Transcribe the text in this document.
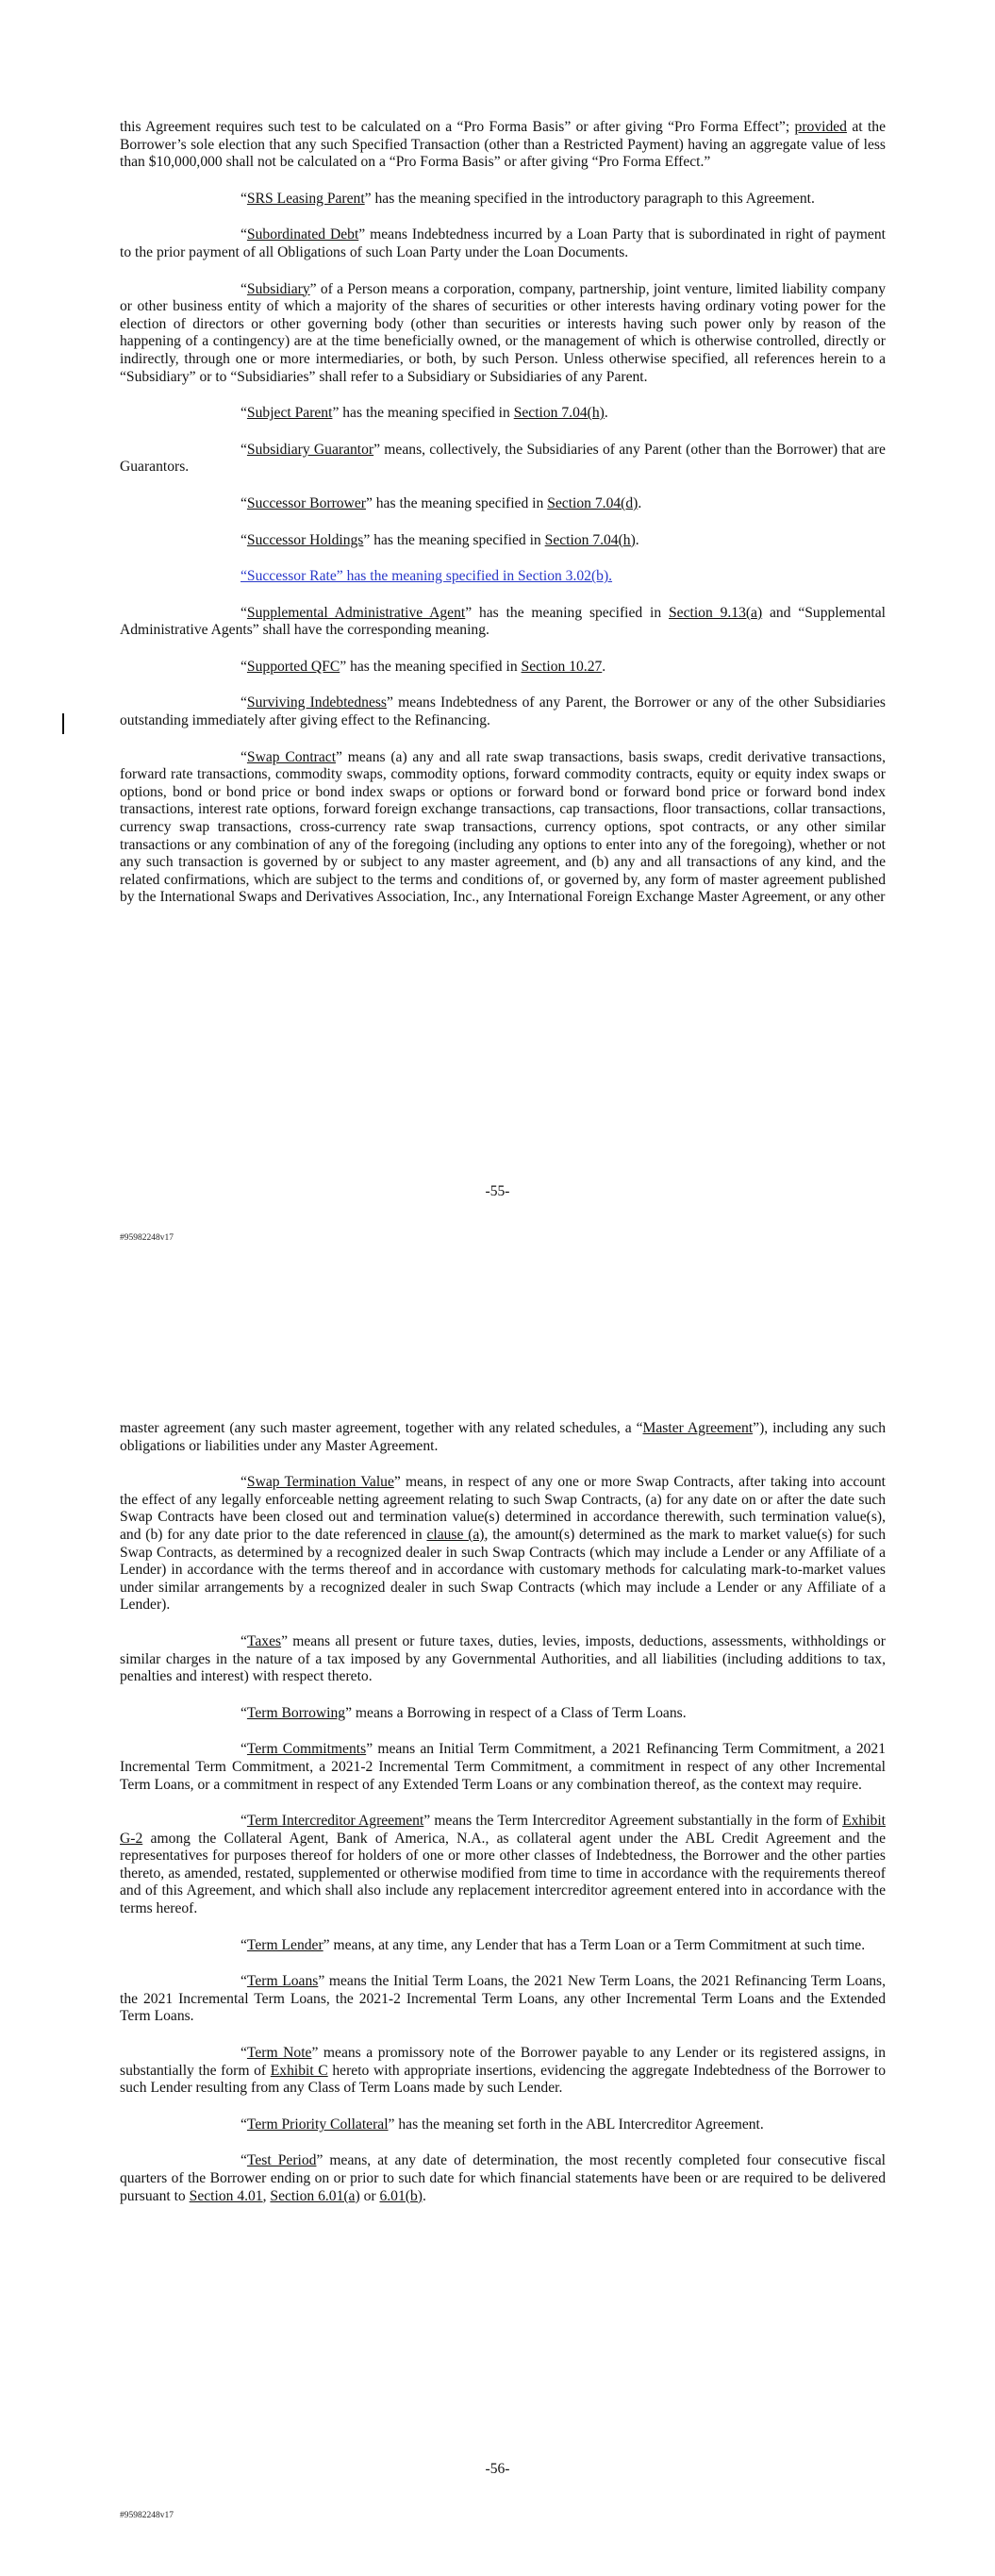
this Agreement requires such test to be calculated on a “Pro Forma Basis” or after giving “Pro Forma Effect”; provided at the Borrower’s sole election that any such Specified Transaction (other than a Restricted Payment) having an aggregate value of less than $10,000,000 shall not be calculated on a “Pro Forma Basis” or after giving “Pro Forma Effect.”

“SRS Leasing Parent” has the meaning specified in the introductory paragraph to this Agreement.

“Subordinated Debt” means Indebtedness incurred by a Loan Party that is subordinated in right of payment to the prior payment of all Obligations of such Loan Party under the Loan Documents.

“Subsidiary” of a Person means a corporation, company, partnership, joint venture, limited liability company or other business entity of which a majority of the shares of securities or other interests having ordinary voting power for the election of directors or other governing body (other than securities or interests having such power only by reason of the happening of a contingency) are at the time beneficially owned, or the management of which is otherwise controlled, directly or indirectly, through one or more intermediaries, or both, by such Person. Unless otherwise specified, all references herein to a “Subsidiary” or to “Subsidiaries” shall refer to a Subsidiary or Subsidiaries of any Parent.

“Subject Parent” has the meaning specified in Section 7.04(h).

“Subsidiary Guarantor” means, collectively, the Subsidiaries of any Parent (other than the Borrower) that are Guarantors.

“Successor Borrower” has the meaning specified in Section 7.04(d).

“Successor Holdings” has the meaning specified in Section 7.04(h).

“Successor Rate” has the meaning specified in Section 3.02(b).

“Supplemental Administrative Agent” has the meaning specified in Section 9.13(a) and “Supplemental Administrative Agents” shall have the corresponding meaning.

“Supported QFC” has the meaning specified in Section 10.27.

“Surviving Indebtedness” means Indebtedness of any Parent, the Borrower or any of the other Subsidiaries outstanding immediately after giving effect to the Refinancing.

“Swap Contract” means (a) any and all rate swap transactions, basis swaps, credit derivative transactions, forward rate transactions, commodity swaps, commodity options, forward commodity contracts, equity or equity index swaps or options, bond or bond price or bond index swaps or options or forward bond or forward bond price or forward bond index transactions, interest rate options, forward foreign exchange transactions, cap transactions, floor transactions, collar transactions, currency swap transactions, cross-currency rate swap transactions, currency options, spot contracts, or any other similar transactions or any combination of any of the foregoing (including any options to enter into any of the foregoing), whether or not any such transaction is governed by or subject to any master agreement, and (b) any and all transactions of any kind, and the related confirmations, which are subject to the terms and conditions of, or governed by, any form of master agreement published by the International Swaps and Derivatives Association, Inc., any International Foreign Exchange Master Agreement, or any other

-55-
#95982248v17

master agreement (any such master agreement, together with any related schedules, a “Master Agreement”), including any such obligations or liabilities under any Master Agreement.

“Swap Termination Value” means, in respect of any one or more Swap Contracts, after taking into account the effect of any legally enforceable netting agreement relating to such Swap Contracts, (a) for any date on or after the date such Swap Contracts have been closed out and termination value(s) determined in accordance therewith, such termination value(s), and (b) for any date prior to the date referenced in clause (a), the amount(s) determined as the mark to market value(s) for such Swap Contracts, as determined by a recognized dealer in such Swap Contracts (which may include a Lender or any Affiliate of a Lender) in accordance with the terms thereof and in accordance with customary methods for calculating mark-to-market values under similar arrangements by a recognized dealer in such Swap Contracts (which may include a Lender or any Affiliate of a Lender).

“Taxes” means all present or future taxes, duties, levies, imposts, deductions, assessments, withholdings or similar charges in the nature of a tax imposed by any Governmental Authorities, and all liabilities (including additions to tax, penalties and interest) with respect thereto.

“Term Borrowing” means a Borrowing in respect of a Class of Term Loans.

“Term Commitments” means an Initial Term Commitment, a 2021 Refinancing Term Commitment, a 2021 Incremental Term Commitment, a 2021-2 Incremental Term Commitment, a commitment in respect of any other Incremental Term Loans, or a commitment in respect of any Extended Term Loans or any combination thereof, as the context may require.

“Term Intercreditor Agreement” means the Term Intercreditor Agreement substantially in the form of Exhibit G-2 among the Collateral Agent, Bank of America, N.A., as collateral agent under the ABL Credit Agreement and the representatives for purposes thereof for holders of one or more other classes of Indebtedness, the Borrower and the other parties thereto, as amended, restated, supplemented or otherwise modified from time to time in accordance with the requirements thereof and of this Agreement, and which shall also include any replacement intercreditor agreement entered into in accordance with the terms hereof.

“Term Lender” means, at any time, any Lender that has a Term Loan or a Term Commitment at such time.

“Term Loans” means the Initial Term Loans, the 2021 New Term Loans, the 2021 Refinancing Term Loans, the 2021 Incremental Term Loans, the 2021-2 Incremental Term Loans, any other Incremental Term Loans and the Extended Term Loans.

“Term Note” means a promissory note of the Borrower payable to any Lender or its registered assigns, in substantially the form of Exhibit C hereto with appropriate insertions, evidencing the aggregate Indebtedness of the Borrower to such Lender resulting from any Class of Term Loans made by such Lender.

“Term Priority Collateral” has the meaning set forth in the ABL Intercreditor Agreement.

“Test Period” means, at any date of determination, the most recently completed four consecutive fiscal quarters of the Borrower ending on or prior to such date for which financial statements have been or are required to be delivered pursuant to Section 4.01, Section 6.01(a) or 6.01(b).

-56-
#95982248v17
